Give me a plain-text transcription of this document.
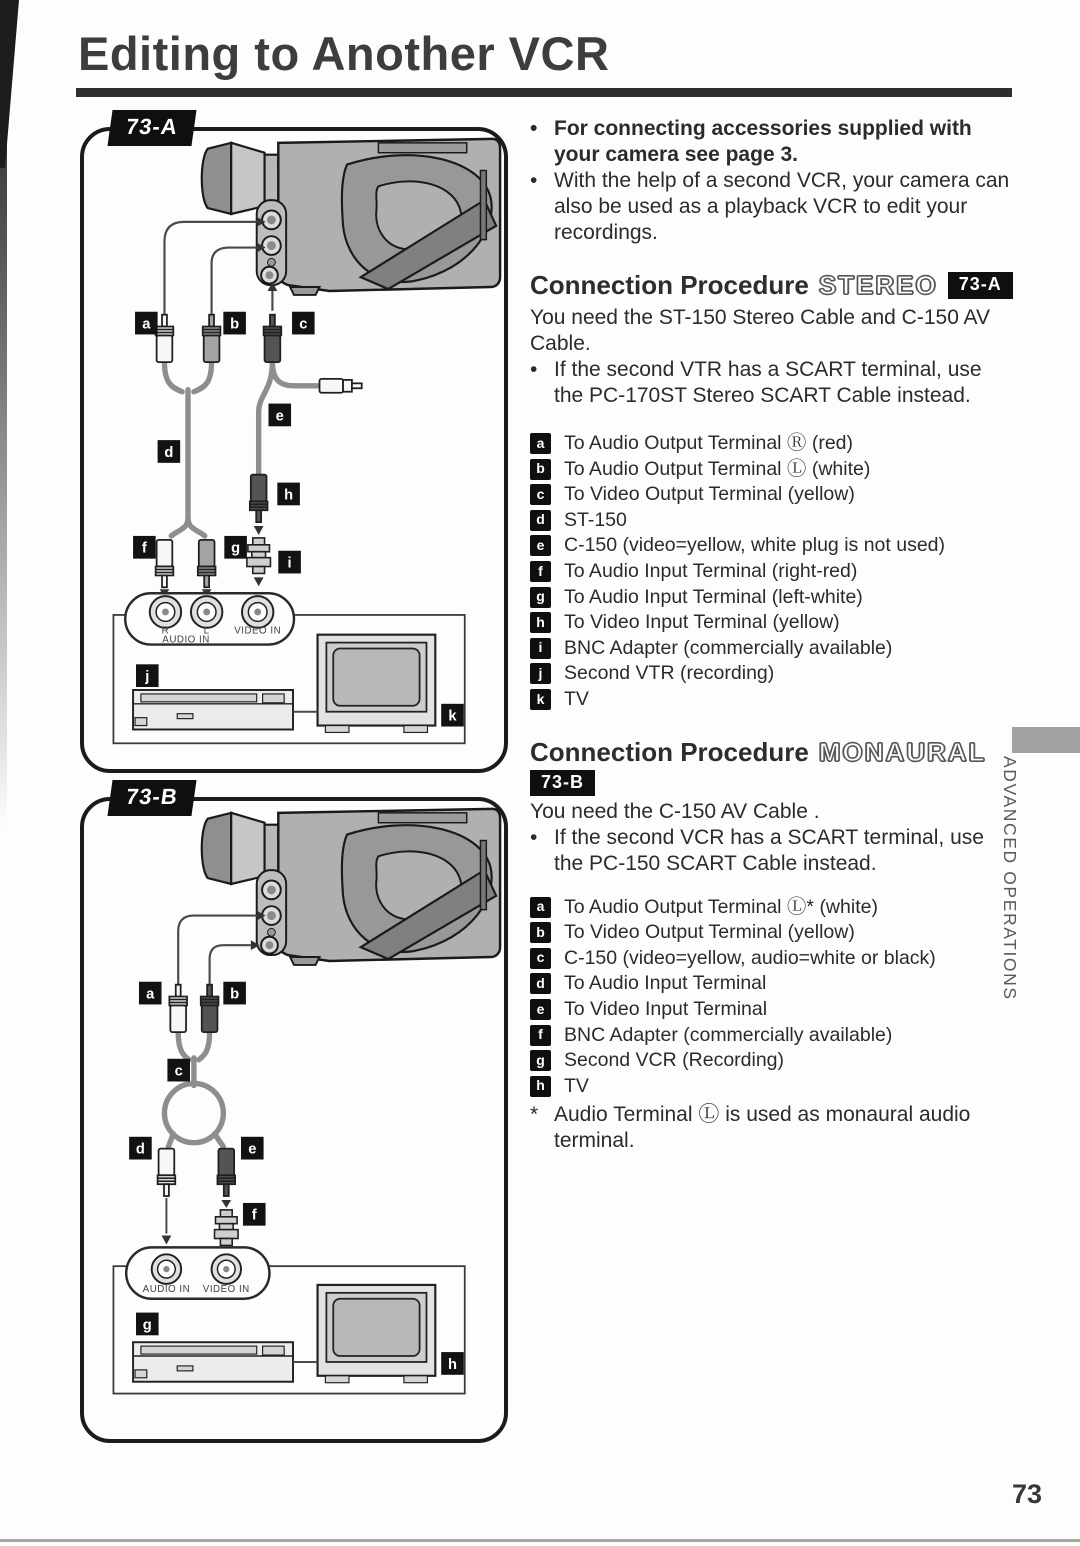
Editing to Another VCR
73-A
R	L VIDEO IN
AUDIO IN
a	b	c
d
e
f	g
h
i
j
k
73-B
AUDIO IN VIDEO IN
a	b
c
d	e
f
g
h
• For connecting accessories supplied with your camera see page 3.
• With the help of a second VCR, your camera can also be used as a playback VCR to edit your recordings.
Connection Procedure STEREO	73-A

You need the ST-150 Stereo Cable and C-150 AV Cable.

• If the second VTR has a SCART terminal, use the PC-170ST Stereo SCART Cable instead.
a	To Audio Output Terminal Ⓡ (red)
b To Audio Output Terminal Ⓛ (white)
c	To Video Output Terminal (yellow)
d ST-150
e	C-150 (video=yellow, white plug is not used)
f	To Audio Input Terminal (right-red)
g To Audio Input Terminal (left-white)
h To Video Input Terminal (yellow)
i	BNC Adapter (commercially available)
j	Second VTR (recording)
k	TV
Connection Procedure MONAURAL
73-B

You need the C-150 AV Cable .

• If the second VCR has a SCART terminal, use the PC-150 SCART Cable instead.
a	To Audio Output Terminal Ⓛ* (white)
b To Video Output Terminal (yellow)
c	C-150 (video=yellow, audio=white or black)
d To Audio Input Terminal
e	To Video Input Terminal
f	BNC Adapter (commercially available)
g Second VCR (Recording)
h TV
* Audio Terminal Ⓛ is used as monaural audio terminal.
ADVANCED OPERATIONS
73
